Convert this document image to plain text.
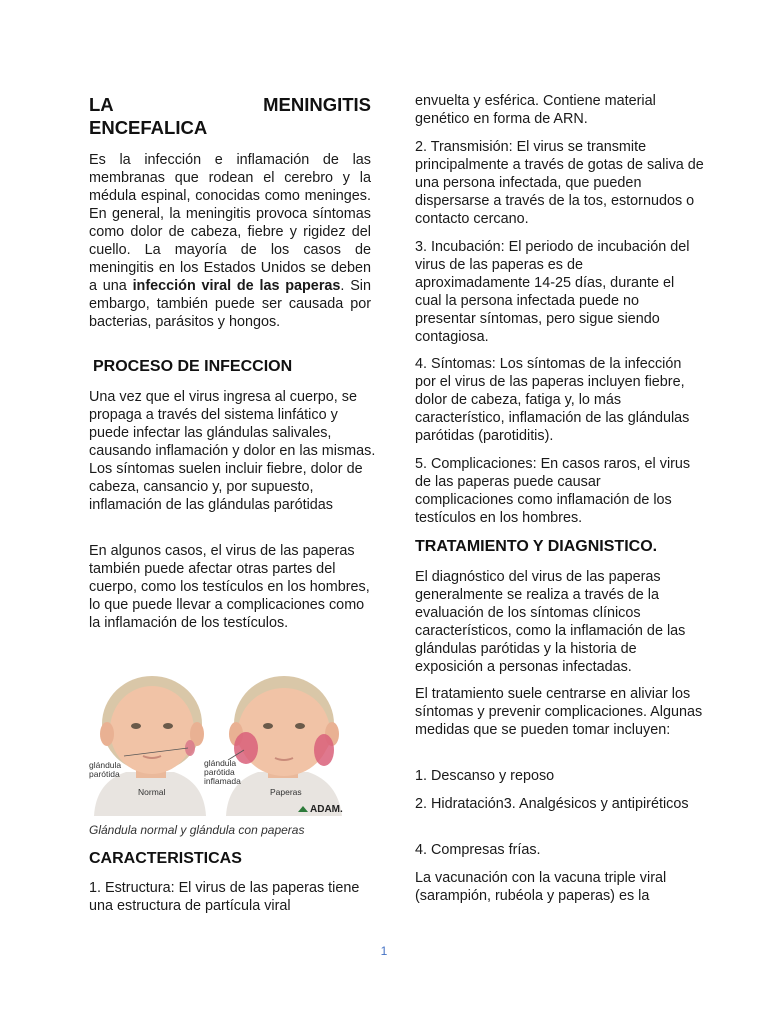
LA	MENINGITIS
ENCEFALICA

Es la infección e inflamación de las membranas que rodean el cerebro y la médula espinal, conocidas como meninges. En general, la meningitis provoca síntomas como dolor de cabeza, fiebre y rigidez del cuello. La mayoría de los casos de meningitis en los Estados Unidos se deben a una infección viral de las paperas. Sin embargo, también puede ser causada por bacterias, parásitos y hongos.

PROCESO DE INFECCION

Una vez que el virus ingresa al cuerpo, se propaga a través del sistema linfático y puede infectar las glándulas salivales, causando inflamación y dolor en las mismas. Los síntomas suelen incluir fiebre, dolor de cabeza, cansancio y, por supuesto, inflamación de las glándulas parótidas

En algunos casos, el virus de las paperas también puede afectar otras partes del cuerpo, como los testículos en los hombres, lo que puede llevar a complicaciones como la inflamación de los testículos.

glándula
parótida
Normal
glándula
parótida
inflamada
Paperas
ADAM.

Glándula normal y glándula con paperas

CARACTERISTICAS

1. Estructura: El virus de las paperas tiene una estructura de partícula viral

envuelta y esférica. Contiene material genético en forma de ARN.

2. Transmisión: El virus se transmite principalmente a través de gotas de saliva de una persona infectada, que pueden dispersarse a través de la tos, estornudos o contacto cercano.

3. Incubación: El periodo de incubación del virus de las paperas es de aproximadamente 14-25 días, durante el cual la persona infectada puede no presentar síntomas, pero sigue siendo contagiosa.

4. Síntomas: Los síntomas de la infección por el virus de las paperas incluyen fiebre, dolor de cabeza, fatiga y, lo más característico, inflamación de las glándulas parótidas (parotiditis).

5. Complicaciones: En casos raros, el virus de las paperas puede causar complicaciones como inflamación de los testículos en los hombres.

TRATAMIENTO Y DIAGNISTICO.

El diagnóstico del virus de las paperas generalmente se realiza a través de la evaluación de los síntomas clínicos característicos, como la inflamación de las glándulas parótidas y la historia de exposición a personas infectadas.

El tratamiento suele centrarse en aliviar los síntomas y prevenir complicaciones. Algunas medidas que se pueden tomar incluyen:

1. Descanso y reposo

2. Hidratación3. Analgésicos y antipiréticos

4. Compresas frías.

La vacunación con la vacuna triple viral (sarampión, rubéola y paperas) es la

1
